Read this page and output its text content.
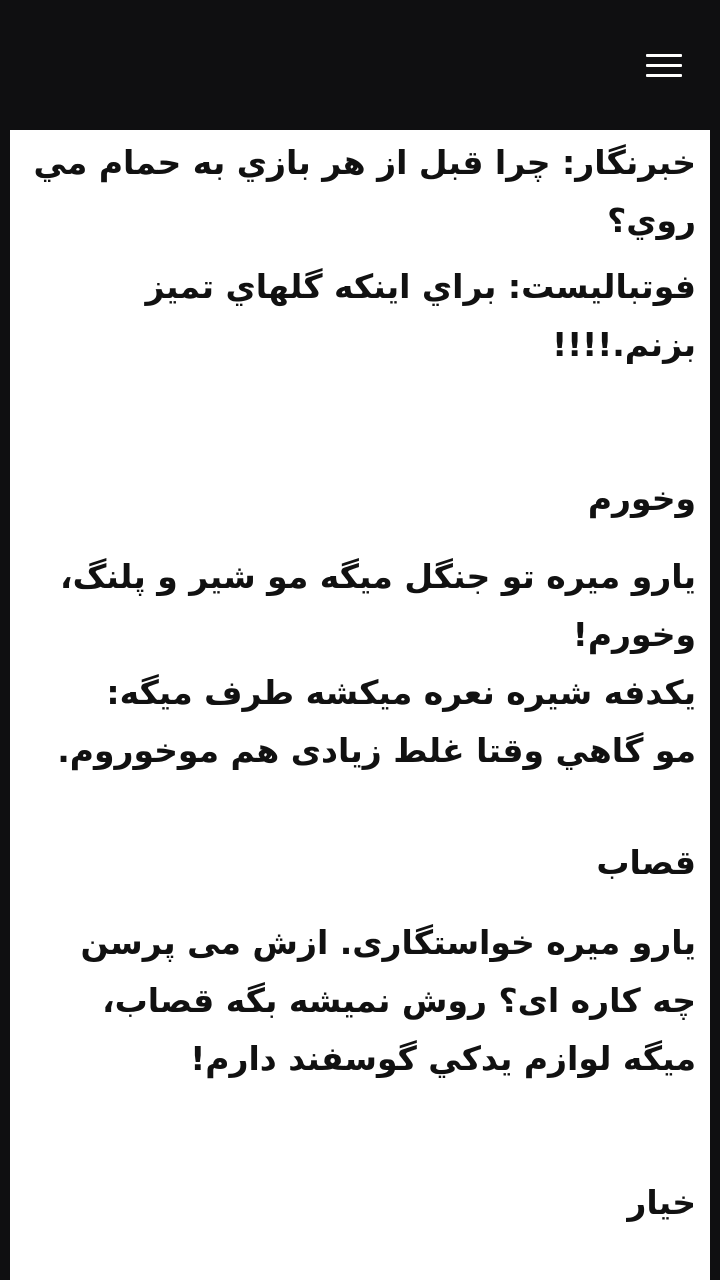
خبرنگار: چرا قبل از هر بازي به حمام مي
روي؟
فوتباليست: براي اينكه گلهاي تميز
بزنم.!!!!
وخورم
یارو میره تو جنگل میگه مو شیر و پلنگ،
وخورم!
یکدفه شیره نعره میکشه طرف میگه:
مو گاهي وقتا غلط زیادی هم موخوروم.
قصاب
یارو میره خواستگاری. ازش می پرسن
چه کاره ای؟ روش نمیشه بگه قصاب،
میگه لوازم یدکي گوسفند دارم!
خیار
